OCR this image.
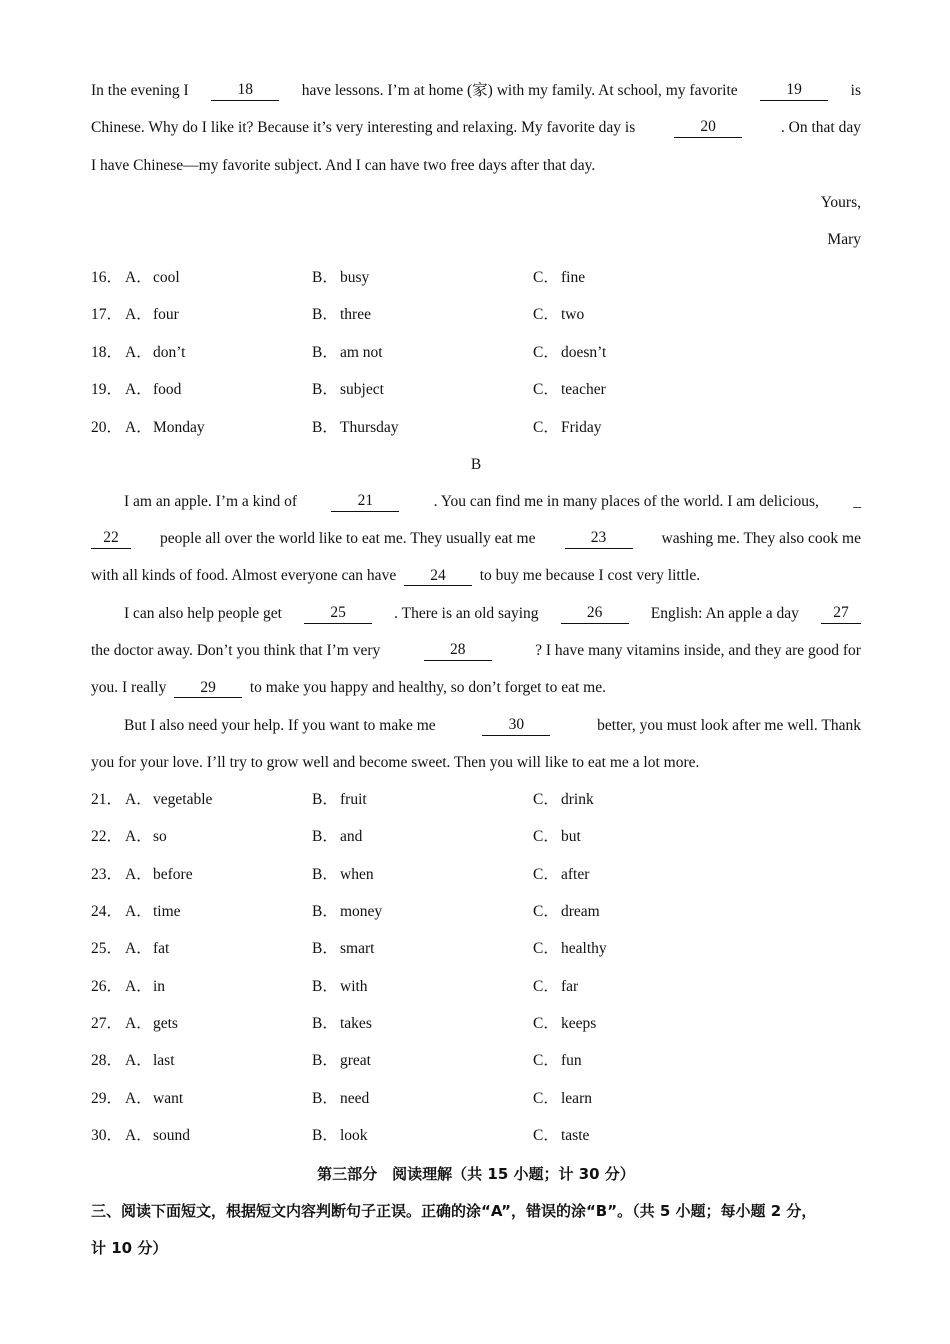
In the evening I	18	have lessons. I’m at home (家) with my family. At school, my favorite	19	is
Chinese. Why do I like it? Because it’s very interesting and relaxing. My favorite day is	20	. On that day
I have Chinese—my favorite subject. And I can have two free days after that day.
Yours,
Mary
16． A．cool	B． busy	C． fine
17． A．four	B． three	C． two
18． A．don’t	B． am not	C． doesn’t
19． A．food	B． subject	C． teacher
20． A．Monday	B． Thursday	C． Friday
B
I am an apple. I’m a kind of	21	. You can find me in many places of the world. I am delicious, _
22	people all over the world like to eat me. They usually eat me	23	washing me. They also cook me
with all kinds of food. Almost everyone can have 24 to buy me because I cost very little.
I can also help people get	25	. There is an old saying	26	English: An apple a day	27
the doctor away. Don’t you think that I’m very	28	? I have many vitamins inside, and they are good for
you. I really 29 to make you happy and healthy, so don’t forget to eat me.
But I also need your help. If you want to make me	30	better, you must look after me well. Thank
you for your love. I’ll try to grow well and become sweet. Then you will like to eat me a lot more.
21． A．vegetable	B． fruit	C． drink
22． A．so	B． and	C． but
23． A．before	B． when	C． after
24． A．time	B． money	C． dream
25． A．fat	B． smart	C． healthy
26． A．in	B． with	C． far
27． A．gets	B． takes	C． keeps
28． A．last	B． great	C． fun
29． A．want	B． need	C． learn
30． A．sound	B． look	C． taste
第三部分　阅读理解（共 15 小题；计 30 分）
三、阅读下面短文，根据短文内容判断句子正误。正确的涂“A”，错误的涂“B”。（共 5 小题；每小题 2 分，
计 10 分）
